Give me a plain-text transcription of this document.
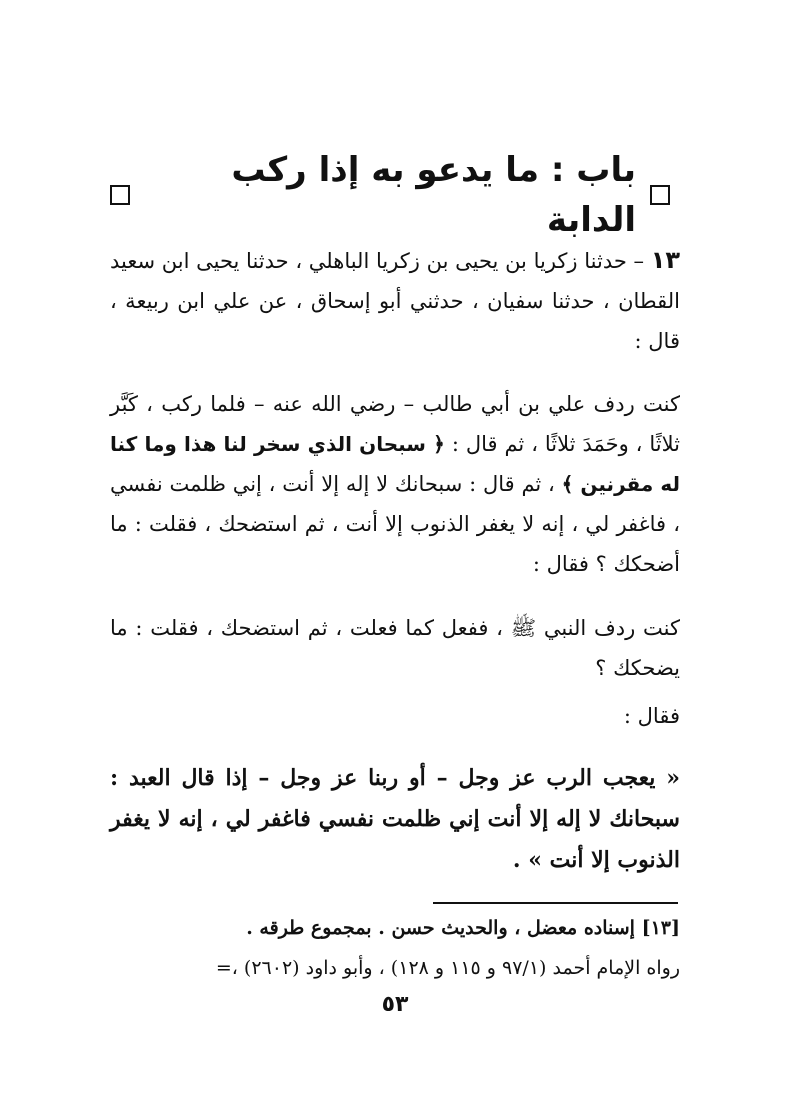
باب : ما يدعو به إذا ركب الدابة

١٣ – حدثنا زكريا بن يحيى بن زكريا الباهلي ، حدثنا يحيى ابن سعيد القطان ، حدثنا سفيان ، حدثني أبو إسحاق ، عن علي ابن ربيعة ، قال :

كنت ردف علي بن أبي طالب – رضي الله عنه – فلما ركب ، كَبَّر ثلاثًا ، وحَمَدَ ثلاثًا ، ثم قال : ﴿ سبحان الذي سخر لنا هذا وما كنا له مقرنين ﴾ ، ثم قال : سبحانك لا إله إلا أنت ، إني ظلمت نفسي ، فاغفر لي ، إنه لا يغفر الذنوب إلا أنت ، ثم استضحك ، فقلت : ما أضحكك ؟ فقال :

كنت ردف النبي ﷺ ، ففعل كما فعلت ، ثم استضحك ، فقلت : ما يضحكك ؟

فقال :

« يعجب الرب عز وجل – أو ربنا عز وجل – إذا قال العبد : سبحانك لا إله إلا أنت إني ظلمت نفسي فاغفر لي ، إنه لا يغفر الذنوب إلا أنت » .

[١٣] إسناده معضل ، والحديث حسن . بمجموع طرقه .

رواه الإمام أحمد (٩٧/١ و ١١٥ و ١٢٨) ، وأبو داود (٢٦٠٢) ،=

٥٣
